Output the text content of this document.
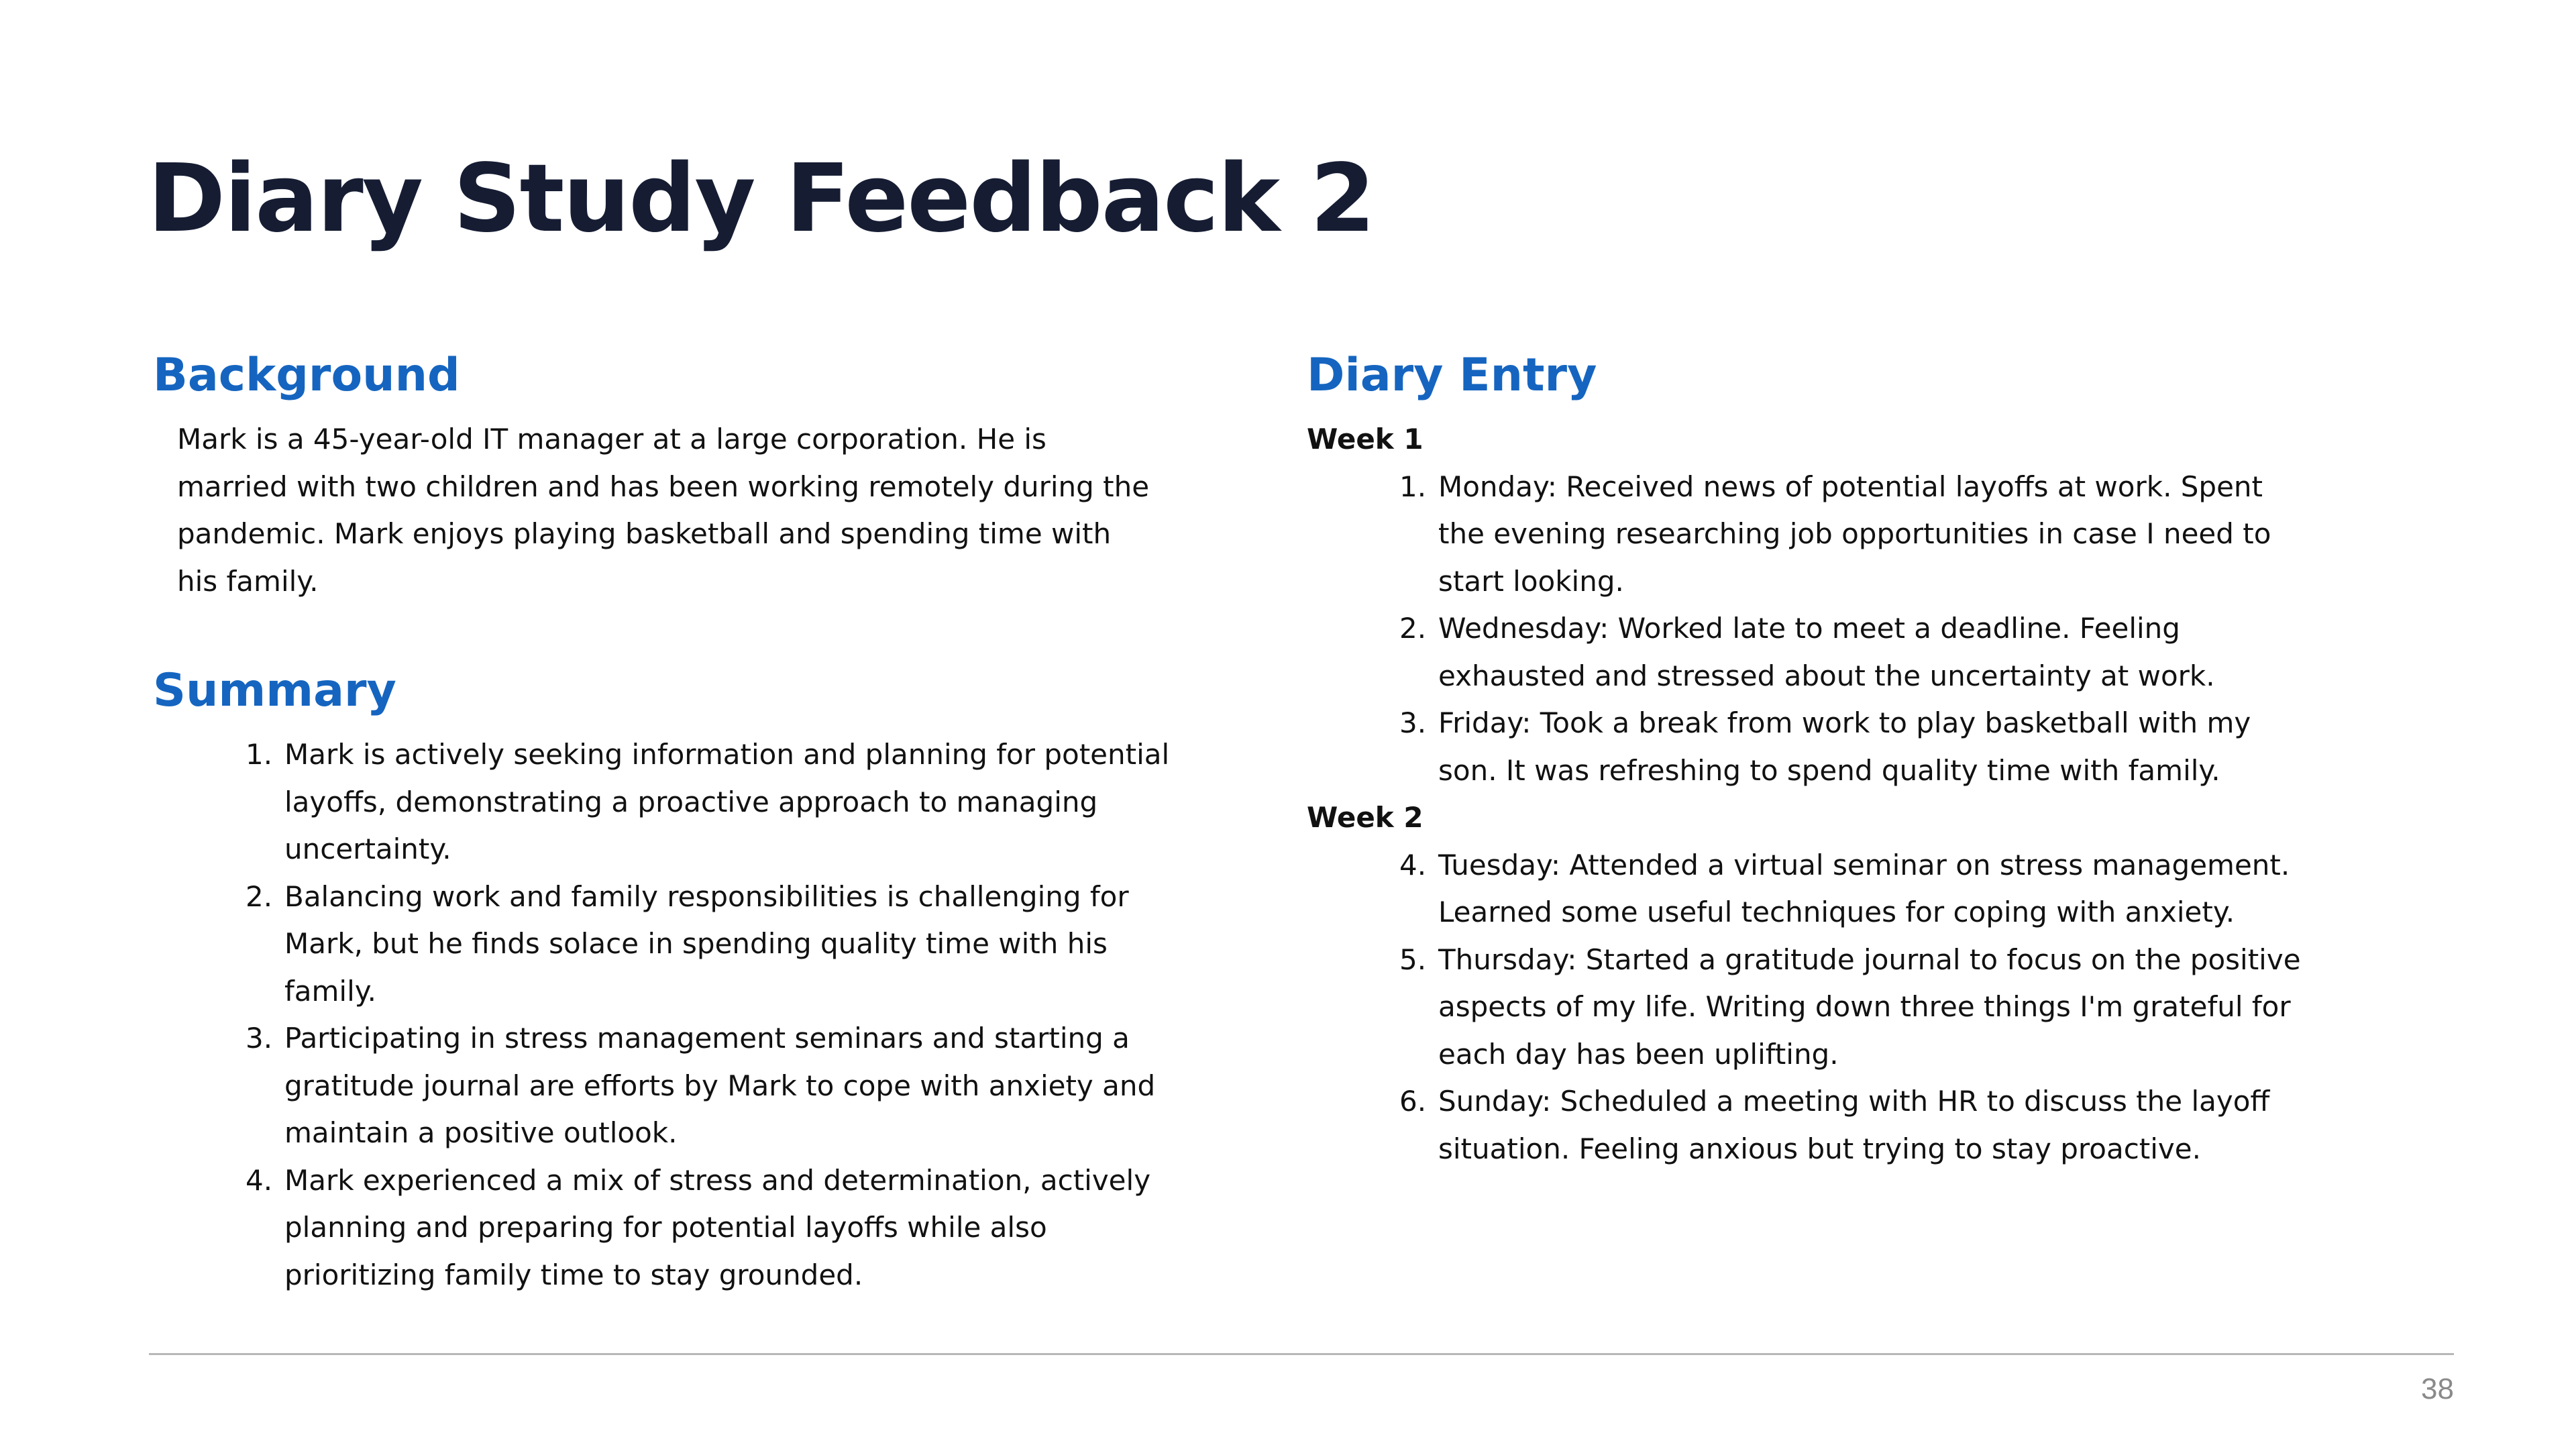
Diary Study Feedback 2
Background

Mark is a 45-year-old IT manager at a large corporation. He is married with two children and has been working remotely during the pandemic. Mark enjoys playing basketball and spending time with his family.

Summary
1. Mark is actively seeking information and planning for potential layoffs, demonstrating a proactive approach to managing uncertainty.
2. Balancing work and family responsibilities is challenging for Mark, but he finds solace in spending quality time with his family.
3. Participating in stress management seminars and starting a gratitude journal are efforts by Mark to cope with anxiety and maintain a positive outlook.
4. Mark experienced a mix of stress and determination, actively planning and preparing for potential layoffs while also prioritizing family time to stay grounded.
Diary Entry

Week 1

1. Monday: Received news of potential layoffs at work. Spent the evening researching job opportunities in case I need to start looking.
2. Wednesday: Worked late to meet a deadline. Feeling exhausted and stressed about the uncertainty at work.
3. Friday: Took a break from work to play basketball with my son. It was refreshing to spend quality time with family.

Week 2

4. Tuesday: Attended a virtual seminar on stress management. Learned some useful techniques for coping with anxiety.
5. Thursday: Started a gratitude journal to focus on the positive aspects of my life. Writing down three things I'm grateful for each day has been uplifting.
6. Sunday: Scheduled a meeting with HR to discuss the layoff situation. Feeling anxious but trying to stay proactive.
38
